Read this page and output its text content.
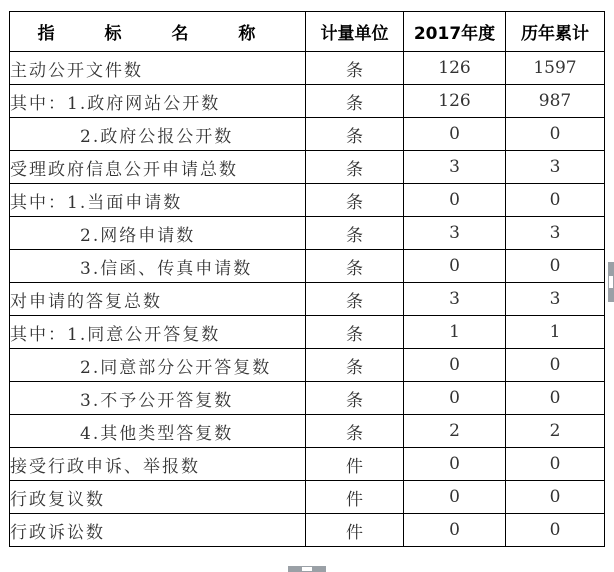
指 标 名 称	计量单位	2017年度	历年累计
主动公开文件数	条	126	1597
其中：1.政府网站公开数	条	126	987
2.政府公报公开数	条	0	0
受理政府信息公开申请总数	条	3	3
其中：1.当面申请数	条	0	0
2.网络申请数	条	3	3
3.信函、传真申请数	条	0	0
对申请的答复总数	条	3	3
其中：1.同意公开答复数	条	1	1
2.同意部分公开答复数	条	0	0
3.不予公开答复数	条	0	0
4.其他类型答复数	条	2	2
接受行政申诉、举报数	件	0	0
行政复议数	件	0	0
行政诉讼数	件	0	0
